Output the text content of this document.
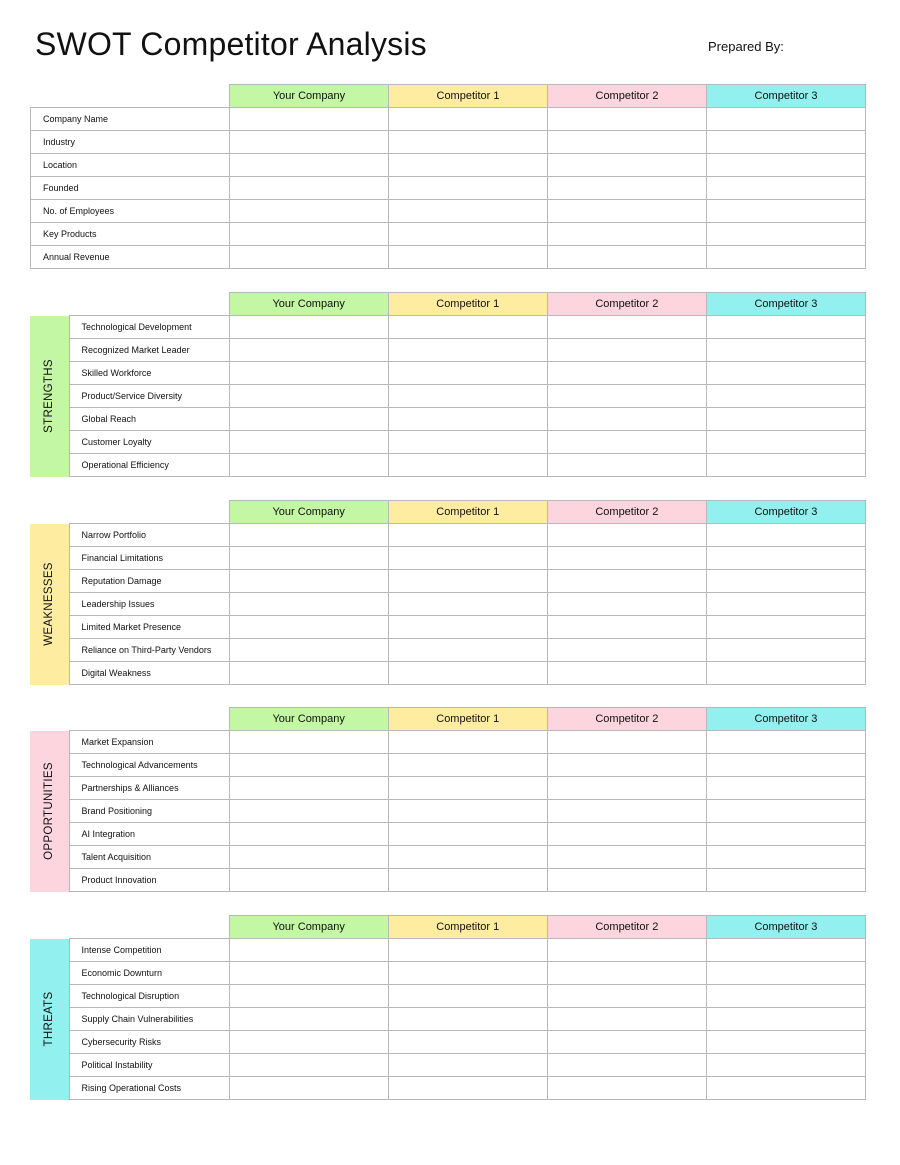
SWOT Competitor Analysis	Prepared By:
	Your Company	Competitor 1	Competitor 2	Competitor 3
Company Name				
Industry				
Location				
Founded				
No. of Employees				
Key Products				
Annual Revenue				
		Your Company	Competitor 1	Competitor 2	Competitor 3

STRENGTHS	Technological Development				
	Recognized Market Leader				
	Skilled Workforce				
	Product/Service Diversity				
	Global Reach				
	Customer Loyalty				
	Operational Efficiency				
		Your Company	Competitor 1	Competitor 2	Competitor 3

WEAKNESSES	Narrow Portfolio				
	Financial Limitations				
	Reputation Damage				
	Leadership Issues				
	Limited Market Presence				
	Reliance on Third-Party Vendors				
	Digital Weakness				
		Your Company	Competitor 1	Competitor 2	Competitor 3

OPPORTUNITIES	Market Expansion				
	Technological Advancements				
	Partnerships & Alliances				
	Brand Positioning				
	AI Integration				
	Talent Acquisition				
	Product Innovation				
		Your Company	Competitor 1	Competitor 2	Competitor 3

THREATS	Intense Competition				
	Economic Downturn				
	Technological Disruption				
	Supply Chain Vulnerabilities				
	Cybersecurity Risks				
	Political Instability				
	Rising Operational Costs				
